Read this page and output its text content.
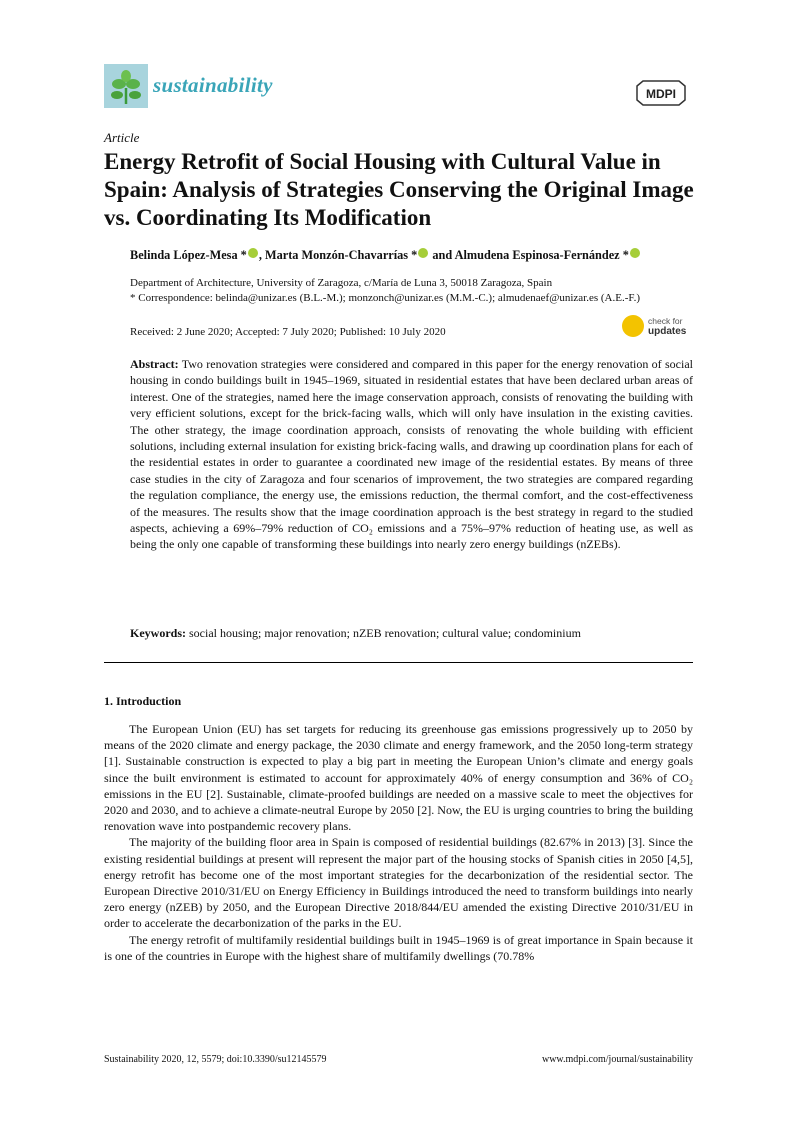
sustainability	MDPI
Article
Energy Retrofit of Social Housing with Cultural Value in Spain: Analysis of Strategies Conserving the Original Image vs. Coordinating Its Modification
Belinda López-Mesa * , Marta Monzón-Chavarrías * and Almudena Espinosa-Fernández *
Department of Architecture, University of Zaragoza, c/María de Luna 3, 50018 Zaragoza, Spain
* Correspondence: belinda@unizar.es (B.L.-M.); monzonch@unizar.es (M.M.-C.); almudenaef@unizar.es (A.E.-F.)
Received: 2 June 2020; Accepted: 7 July 2020; Published: 10 July 2020
check for
updates
Abstract: Two renovation strategies were considered and compared in this paper for the energy renovation of social housing in condo buildings built in 1945–1969, situated in residential estates that have been declared urban areas of interest. One of the strategies, named here the image conservation approach, consists of renovating the building with very efficient solutions, except for the brick-facing walls, which will only have insulation in the existing cavities. The other strategy, the image coordination approach, consists of renovating the whole building with efficient solutions, including external insulation for existing brick-facing walls, and drawing up coordination plans for each of the residential estates in order to guarantee a coordinated new image of the residential estates. By means of three case studies in the city of Zaragoza and four scenarios of improvement, the two strategies are compared regarding the regulation compliance, the energy use, the emissions reduction, the thermal comfort, and the cost-effectiveness of the measures. The results show that the image coordination approach is the best strategy in regard to the studied aspects, achieving a 69%–79% reduction of CO₂ emissions and a 75%–97% reduction of heating use, as well as being the only one capable of transforming these buildings into nearly zero energy buildings (nZEBs).
Keywords: social housing; major renovation; nZEB renovation; cultural value; condominium
1. Introduction

The European Union (EU) has set targets for reducing its greenhouse gas emissions progressively up to 2050 by means of the 2020 climate and energy package, the 2030 climate and energy framework, and the 2050 long-term strategy [1]. Sustainable construction is expected to play a big part in meeting the European Union’s climate and energy goals since the built environment is estimated to account for approximately 40% of energy consumption and 36% of CO₂ emissions in the EU [2]. Sustainable, climate-proofed buildings are needed on a massive scale to meet the objectives for 2020 and 2030, and to achieve a climate-neutral Europe by 2050 [2]. Now, the EU is urging countries to bring the building renovation wave into postpandemic recovery plans.

The majority of the building floor area in Spain is composed of residential buildings (82.67% in 2013) [3]. Since the existing residential buildings at present will represent the major part of the housing stocks of Spanish cities in 2050 [4,5], energy retrofit has become one of the most important strategies for the decarbonization of the residential sector. The European Directive 2010/31/EU on Energy Efficiency in Buildings introduced the need to transform buildings into nearly zero energy (nZEB) by 2050, and the European Directive 2018/844/EU amended the existing Directive 2010/31/EU in order to accelerate the decarbonization of the parks in the EU.

The energy retrofit of multifamily residential buildings built in 1945–1969 is of great importance in Spain because it is one of the countries in Europe with the highest share of multifamily dwellings (70.78%

Sustainability 2020, 12, 5579; doi:10.3390/su12145579	www.mdpi.com/journal/sustainability
